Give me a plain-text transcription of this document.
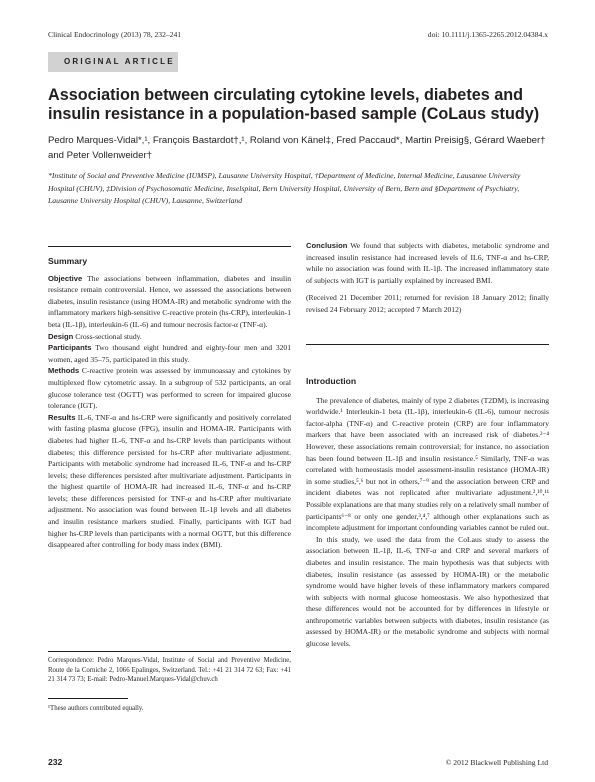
Clinical Endocrinology (2013) 78, 232–241	doi: 10.1111/j.1365-2265.2012.04384.x
ORIGINAL ARTICLE
Association between circulating cytokine levels, diabetes and insulin resistance in a population-based sample (CoLaus study)
Pedro Marques-Vidal*,¹, François Bastardot†,¹, Roland von Känel‡, Fred Paccaud*, Martin Preisig§, Gérard Waeber† and Peter Vollenweider†
*Institute of Social and Preventive Medicine (IUMSP), Lausanne University Hospital, †Department of Medicine, Internal Medicine, Lausanne University Hospital (CHUV), ‡Division of Psychosomatic Medicine, Inselspital, Bern University Hospital, University of Bern, Bern and §Department of Psychiatry, Lausanne University Hospital (CHUV), Lausanne, Switzerland
Summary

Objective The associations between inflammation, diabetes and insulin resistance remain controversial. Hence, we assessed the associations between diabetes, insulin resistance (using HOMA-IR) and metabolic syndrome with the inflammatory markers high-sensitive C-reactive protein (hs-CRP), interleukin-1 beta (IL-1β), interleukin-6 (IL-6) and tumour necrosis factor-α (TNF-α).

Design Cross-sectional study.

Participants Two thousand eight hundred and eighty-four men and 3201 women, aged 35–75, participated in this study.

Methods C-reactive protein was assessed by immunoassay and cytokines by multiplexed flow cytometric assay. In a subgroup of 532 participants, an oral glucose tolerance test (OGTT) was performed to screen for impaired glucose tolerance (IGT).

Results IL-6, TNF-α and hs-CRP were significantly and positively correlated with fasting plasma glucose (FPG), insulin and HOMA-IR. Participants with diabetes had higher IL-6, TNF-α and hs-CRP levels than participants without diabetes; this difference persisted for hs-CRP after multivariate adjustment. Participants with metabolic syndrome had increased IL-6, TNF-α and hs-CRP levels; these differences persisted after multivariate adjustment. Participants in the highest quartile of HOMA-IR had increased IL-6, TNF-α and hs-CRP levels; these differences persisted for TNF-α and hs-CRP after multivariate adjustment. No association was found between IL-1β levels and all diabetes and insulin resistance markers studied. Finally, participants with IGT had higher hs-CRP levels than participants with a normal OGTT, but this difference disappeared after controlling for body mass index (BMI).

Correspondence: Pedro Marques-Vidal, Institute of Social and Preventive Medicine, Route de la Corniche 2, 1066 Epalinges, Switzerland. Tel.: +41 21 314 72 63; Fax: +41 21 314 73 73; E-mail: Pedro-Manuel.Marques-Vidal@chuv.ch
¹These authors contributed equally.

Conclusion We found that subjects with diabetes, metabolic syndrome and increased insulin resistance had increased levels of IL6, TNF-α and hs-CRP, while no association was found with IL-1β. The increased inflammatory state of subjects with IGT is partially explained by increased BMI.

(Received 21 December 2011; returned for revision 18 January 2012; finally revised 24 February 2012; accepted 7 March 2012)

Introduction

The prevalence of diabetes, mainly of type 2 diabetes (T2DM), is increasing worldwide.¹ Interleukin-1 beta (IL-1β), interleukin-6 (IL-6), tumour necrosis factor-alpha (TNF-α) and C-reactive protein (CRP) are four inflammatory markers that have been associated with an increased risk of diabetes.²⁻⁴ However, these associations remain controversial; for instance, no association has been found between IL-1β and insulin resistance.⁵ Similarly, TNF-α was correlated with homeostasis model assessment-insulin resistance (HOMA-IR) in some studies,⁵,⁶ but not in others,⁷⁻⁹ and the association between CRP and incident diabetes was not replicated after multivariate adjustment.²,¹⁰,¹¹ Possible explanations are that many studies rely on a relatively small number of participants⁶⁻⁸ or only one gender,³,⁴,⁷ although other explanations such as incomplete adjustment for important confounding variables cannot be ruled out.

In this study, we used the data from the CoLaus study to assess the association between IL-1β, IL-6, TNF-α and CRP and several markers of diabetes and insulin resistance. The main hypothesis was that subjects with diabetes, insulin resistance (as assessed by HOMA-IR) or the metabolic syndrome would have higher levels of these inflammatory markers compared with subjects with normal glucose homeostasis. We also hypothesized that these differences would not be accounted for by differences in lifestyle or anthropometric variables between subjects with diabetes, insulin resistance (as assessed by HOMA-IR) or the metabolic syndrome and subjects with normal glucose levels.

232	© 2012 Blackwell Publishing Ltd
